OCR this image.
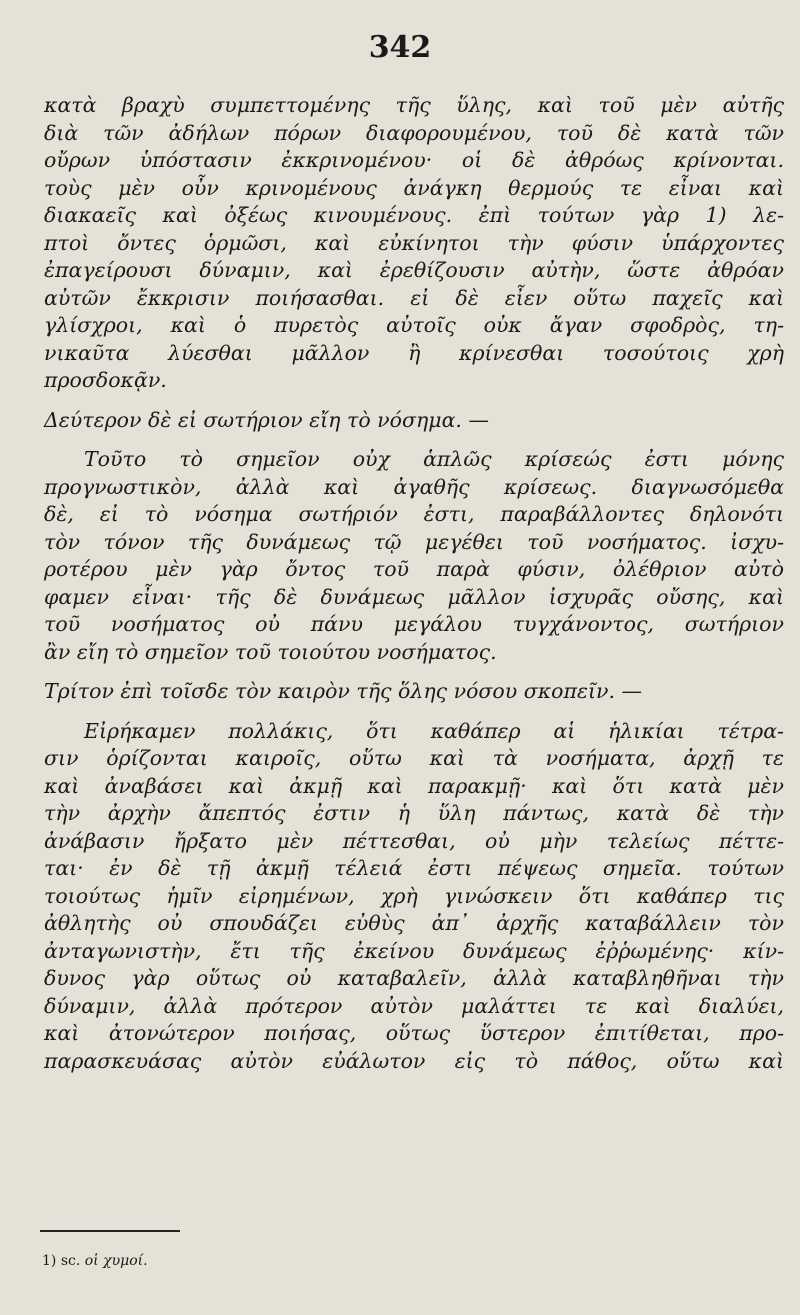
342
κατὰ βραχὺ συμπεττομένης τῆς ὕλης, καὶ τοῦ μὲν αὐτῆς
διὰ τῶν ἀδήλων πόρων διαφορουμένου, τοῦ δὲ κατὰ τῶν
οὔρων ὑπόστασιν ἐκκρινομένου· οἱ δὲ ἀθρόως κρίνονται.
τοὺς μὲν οὖν κρινομένους ἀνάγκη θερμούς τε εἶναι καὶ
διακαεῖς καὶ ὀξέως κινουμένους. ἐπὶ τούτων γὰρ 1) λε-
πτοὶ ὄντες ὁρμῶσι, καὶ εὐκίνητοι τὴν φύσιν ὑπάρχοντες
ἐπαγείρουσι δύναμιν, καὶ ἐρεθίζουσιν αὐτὴν, ὥστε ἀθρόαν
αὐτῶν ἔκκρισιν ποιήσασθαι. εἰ δὲ εἶεν οὕτω παχεῖς καὶ
γλίσχροι, καὶ ὁ πυρετὸς αὐτοῖς οὐκ ἄγαν σφοδρὸς, τη-
νικαῦτα λύεσθαι μᾶλλον ἢ κρίνεσθαι τοσούτοις χρὴ
προσδοκᾷν.
Δεύτερον δὲ εἰ σωτήριον εἴη τὸ νόσημα. —
Τοῦτο τὸ σημεῖον οὐχ ἁπλῶς κρίσεώς ἐστι μόνης
προγνωστικὸν, ἀλλὰ καὶ ἀγαθῆς κρίσεως. διαγνωσόμεθα
δὲ, εἰ τὸ νόσημα σωτήριόν ἐστι, παραβάλλοντες δηλονότι
τὸν τόνον τῆς δυνάμεως τῷ μεγέθει τοῦ νοσήματος. ἰσχυ-
ροτέρου μὲν γὰρ ὄντος τοῦ παρὰ φύσιν, ὀλέθριον αὐτὸ
φαμεν εἶναι· τῆς δὲ δυνάμεως μᾶλλον ἰσχυρᾶς οὔσης, καὶ
τοῦ νοσήματος οὐ πάνυ μεγάλου τυγχάνοντος, σωτήριον
ἂν εἴη τὸ σημεῖον τοῦ τοιούτου νοσήματος.
Τρίτον ἐπὶ τοῖσδε τὸν καιρὸν τῆς ὅλης νόσου σκοπεῖν. —
Εἰρήκαμεν πολλάκις, ὅτι καθάπερ αἱ ἡλικίαι τέτρα-
σιν ὁρίζονται καιροῖς, οὕτω καὶ τὰ νοσήματα, ἀρχῇ τε
καὶ ἀναβάσει καὶ ἀκμῇ καὶ παρακμῇ· καὶ ὅτι κατὰ μὲν
τὴν ἀρχὴν ἄπεπτός ἐστιν ἡ ὕλη πάντως, κατὰ δὲ τὴν
ἀνάβασιν ἤρξατο μὲν πέττεσθαι, οὐ μὴν τελείως πέττε-
ται· ἐν δὲ τῇ ἀκμῇ τέλειά ἐστι πέψεως σημεῖα. τούτων
τοιούτως ἡμῖν εἰρημένων, χρὴ γινώσκειν ὅτι καθάπερ τις
ἀθλητὴς οὐ σπουδάζει εὐθὺς ἀπ᾽ ἀρχῆς καταβάλλειν τὸν
ἀνταγωνιστὴν, ἔτι τῆς ἐκείνου δυνάμεως ἐῤῥωμένης· κίν-
δυνος γὰρ οὕτως οὐ καταβαλεῖν, ἀλλὰ καταβληθῆναι τὴν
δύναμιν, ἀλλὰ πρότερον αὐτὸν μαλάττει τε καὶ διαλύει,
καὶ ἀτονώτερον ποιήσας, οὕτως ὕστερον ἐπιτίθεται, προ-
παρασκευάσας αὐτὸν εὐάλωτον εἰς τὸ πάθος, οὕτω καὶ
1) sc. οἱ χυμοί.
